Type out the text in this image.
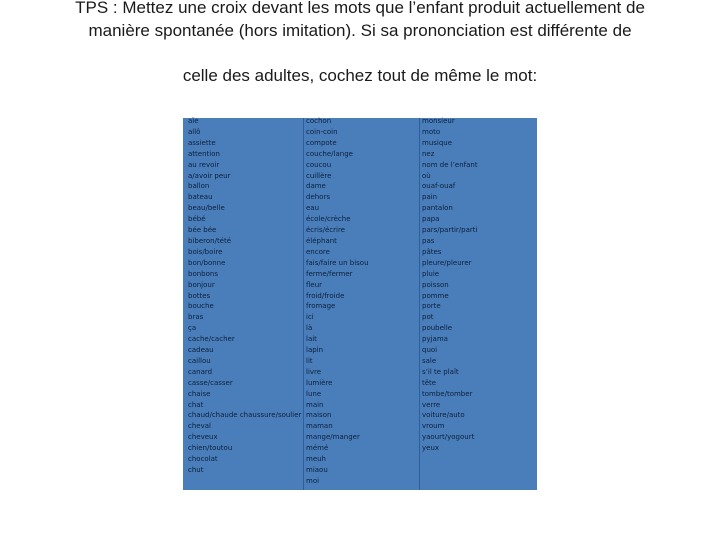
TPS : Mettez une croix devant les mots que l’enfant produit actuellement de
manière spontanée (hors imitation). Si sa prononciation est différente de
celle des adultes, cochez tout de même le mot:
aïe
allô
assiette
attention
au revoir
a/avoir peur
ballon
bateau
beau/belle
bébé
bée bée
biberon/tété
bois/boire
bon/bonne
bonbons
bonjour
bottes
bouche
bras
ça
cache/cacher
cadeau
caillou
canard
casse/casser
chaise
chat
chaud/chaude chaussure/soulier
cheval
cheveux
chien/toutou
chocolat
chut
cochon
coin-coin
compote
couche/lange
coucou
cuillère
dame
dehors
eau
école/crèche
écris/écrire
éléphant
encore
fais/faire un bisou
ferme/fermer
fleur
froid/froide
fromage
ici
là
lait
lapin
lit
livre
lumière
lune
main
maison
maman
mange/manger
mémé
meuh
miaou
moi
monsieur
moto
musique
nez
nom de l’enfant
où
ouaf-ouaf
pain
pantalon
papa
pars/partir/parti
pas
pâtes
pleure/pleurer
pluie
poisson
pomme
porte
pot
poubelle
pyjama
quoi
sale
s’il te plaît
tête
tombe/tomber
verre
voiture/auto
vroum
yaourt/yogourt
yeux
